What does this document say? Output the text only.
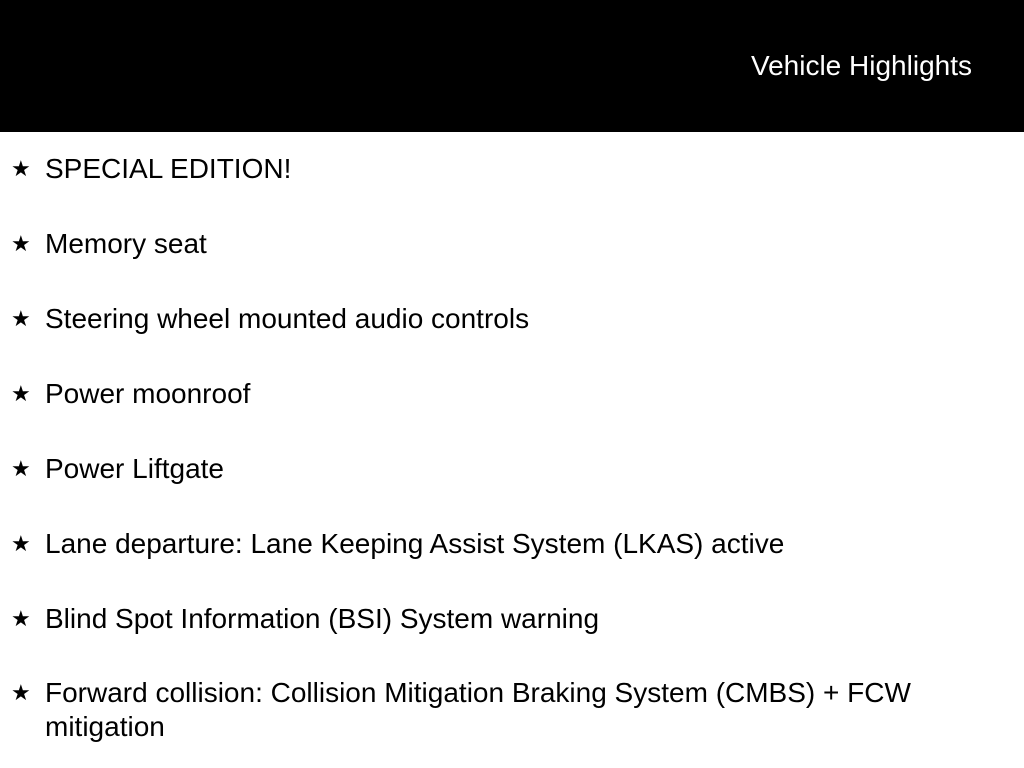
Vehicle Highlights
★ SPECIAL EDITION!
★ Memory seat
★ Steering wheel mounted audio controls
★ Power moonroof
★ Power Liftgate
★ Lane departure: Lane Keeping Assist System (LKAS) active
★ Blind Spot Information (BSI) System warning
★ Forward collision: Collision Mitigation Braking System (CMBS) + FCW mitigation
